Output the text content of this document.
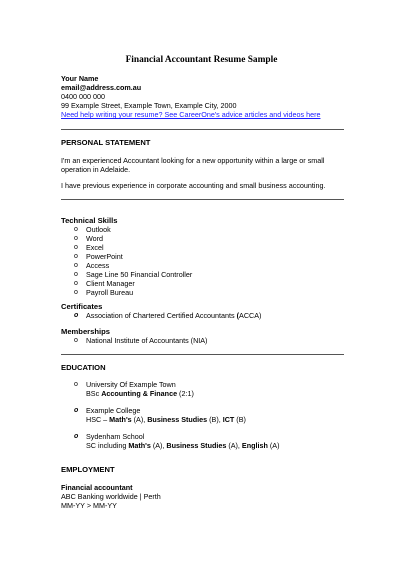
Financial Accountant Resume Sample
Your Name
email@address.com.au
0400 000 000
99 Example Street, Example Town, Example City, 2000
Need help writing your resume? See CareerOne's advice articles and videos here
PERSONAL STATEMENT
I'm an experienced Accountant looking for a new opportunity within a large or small
operation in Adelaide.
I have previous experience in corporate accounting and small business accounting.
Technical Skills
o Outlook
o Word
o Excel
o PowerPoint
o Access
o Sage Line 50 Financial Controller
o Client Manager
o Payroll Bureau
Certificates
o Association of Chartered Certified Accountants (ACCA)
Memberships
o National Institute of Accountants (NIA)
EDUCATION
o University Of Example Town
BSc Accounting & Finance (2:1)
o Example College
HSC – Math's (A), Business Studies (B), ICT (B)
o Sydenham School
SC including Math's (A), Business Studies (A), English (A)
EMPLOYMENT
Financial accountant
ABC Banking worldwide | Perth
MM-YY > MM-YY
